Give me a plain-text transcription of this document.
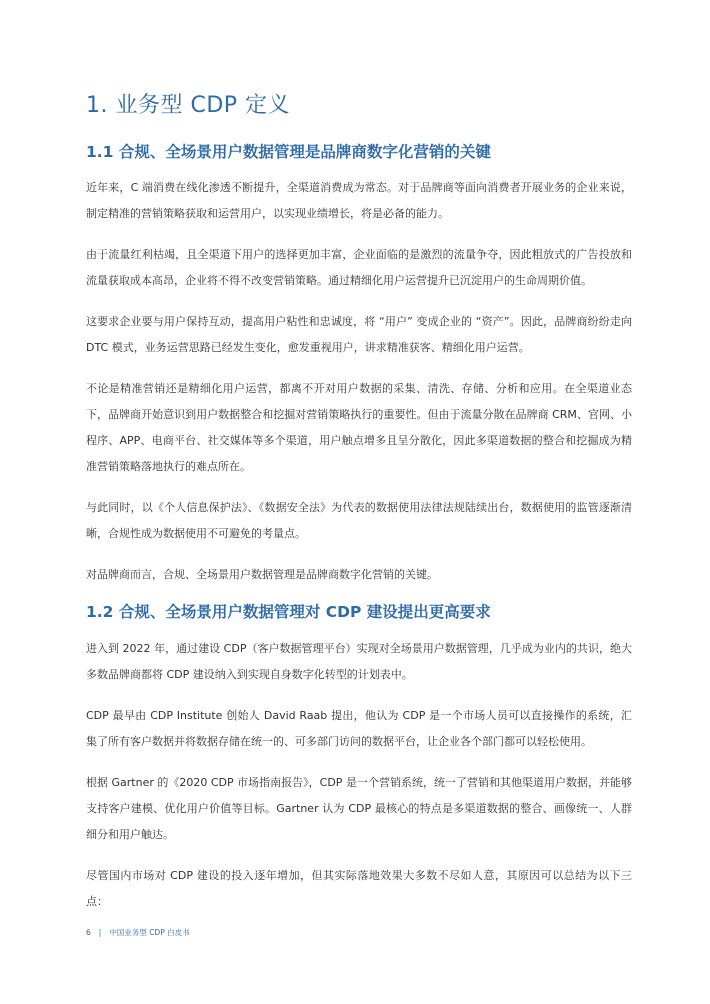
1. 业务型 CDP 定义
1.1 合规、全场景用户数据管理是品牌商数字化营销的关键

近年来，C 端消费在线化渗透不断提升，全渠道消费成为常态。对于品牌商等面向消费者开展业务的企业来说，制定精准的营销策略获取和运营用户，以实现业绩增长，将是必备的能力。

由于流量红利枯竭，且全渠道下用户的选择更加丰富，企业面临的是激烈的流量争夺，因此粗放式的广告投放和流量获取成本高昂，企业将不得不改变营销策略。通过精细化用户运营提升已沉淀用户的生命周期价值。

这要求企业要与用户保持互动，提高用户粘性和忠诚度，将 “用户” 变成企业的 “资产”。因此，品牌商纷纷走向 DTC 模式，业务运营思路已经发生变化，愈发重视用户，讲求精准获客、精细化用户运营。

不论是精准营销还是精细化用户运营，都离不开对用户数据的采集、清洗、存储、分析和应用。在全渠道业态下，品牌商开始意识到用户数据整合和挖掘对营销策略执行的重要性。但由于流量分散在品牌商 CRM、官网、小程序、APP、电商平台、社交媒体等多个渠道，用户触点增多且呈分散化，因此多渠道数据的整合和挖掘成为精准营销策略落地执行的难点所在。

与此同时，以《个人信息保护法》、《数据安全法》为代表的数据使用法律法规陆续出台，数据使用的监管逐渐清晰，合规性成为数据使用不可避免的考量点。

对品牌商而言，合规、全场景用户数据管理是品牌商数字化营销的关键。

1.2 合规、全场景用户数据管理对 CDP 建设提出更高要求

进入到 2022 年，通过建设 CDP（客户数据管理平台）实现对全场景用户数据管理，几乎成为业内的共识，绝大多数品牌商都将 CDP 建设纳入到实现自身数字化转型的计划表中。

CDP 最早由 CDP Institute 创始人 David Raab 提出，他认为 CDP 是一个市场人员可以直接操作的系统，汇集了所有客户数据并将数据存储在统一的、可多部门访问的数据平台，让企业各个部门都可以轻松使用。

根据 Gartner 的《2020 CDP 市场指南报告》，CDP 是一个营销系统，统一了营销和其他渠道用户数据，并能够支持客户建模、优化用户价值等目标。Gartner 认为 CDP 最核心的特点是多渠道数据的整合、画像统一、人群细分和用户触达。

尽管国内市场对 CDP 建设的投入逐年增加，但其实际落地效果大多数不尽如人意，其原因可以总结为以下三点：

6 | 中国业务型 CDP 白皮书
